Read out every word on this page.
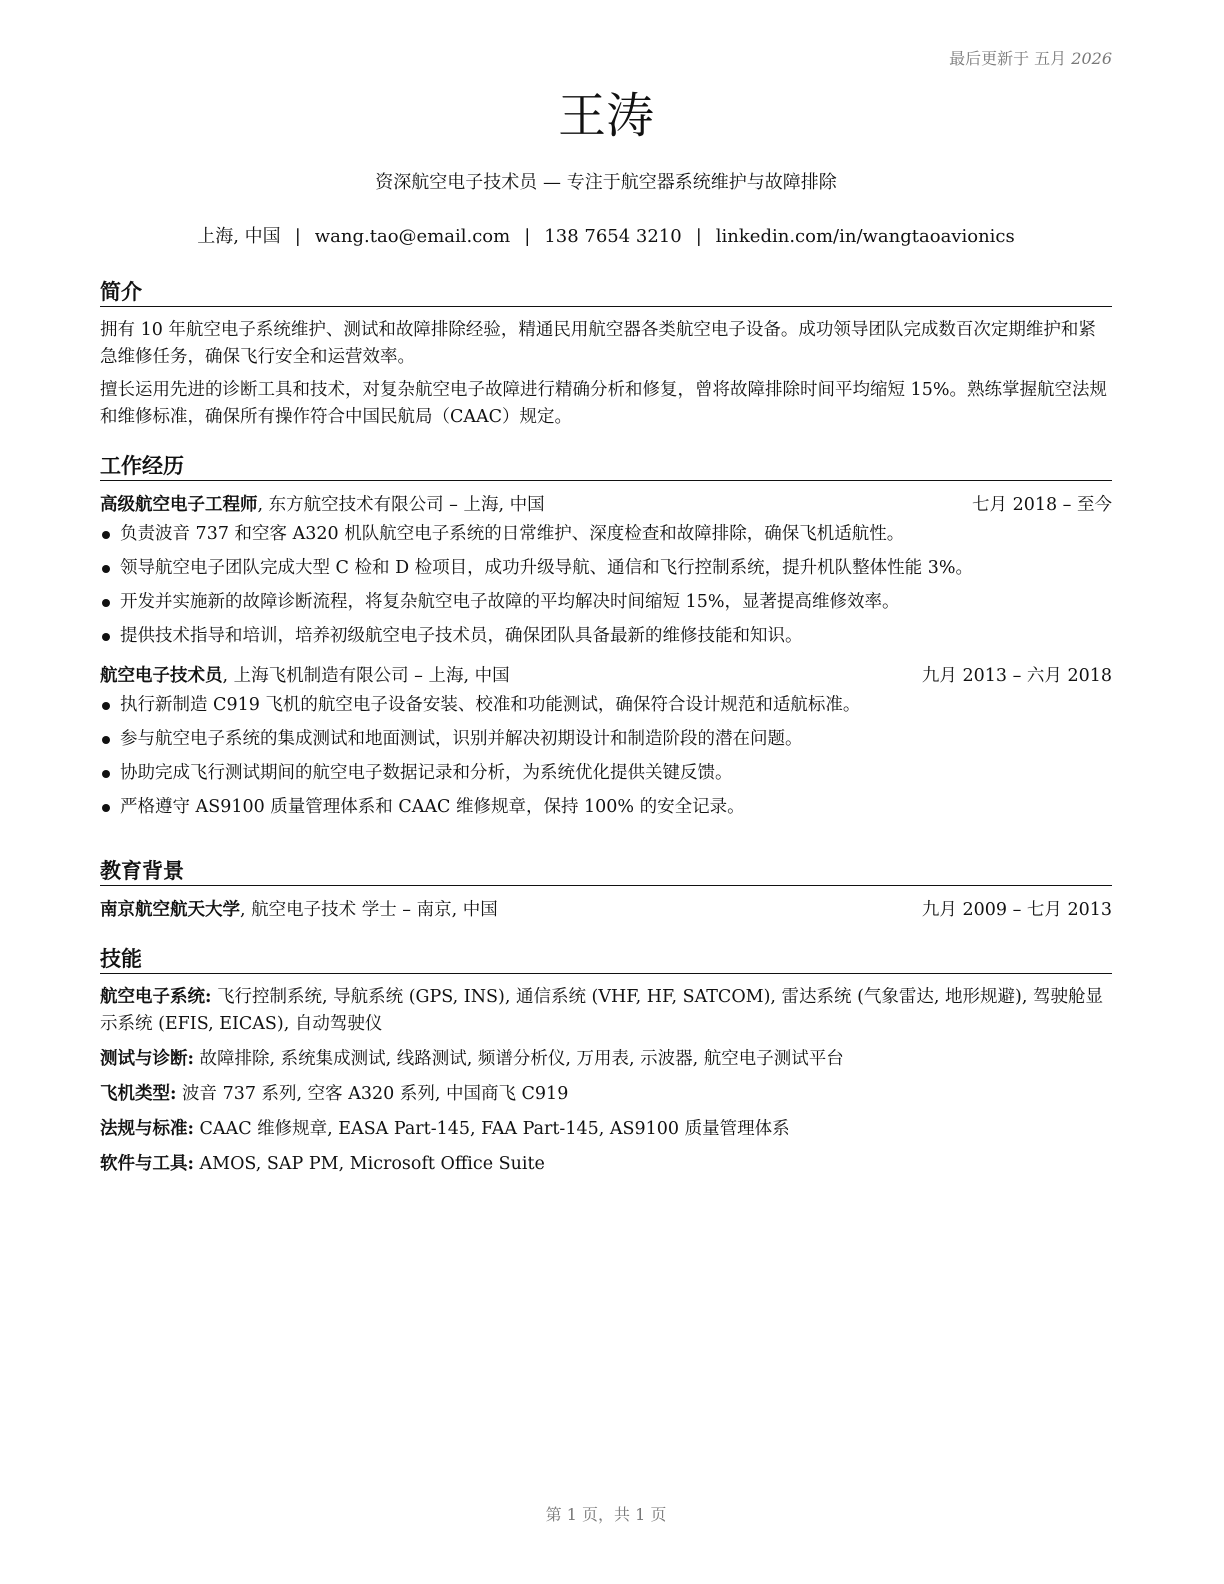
最后更新于 五月 2026
王涛
资深航空电子技术员 — 专注于航空器系统维护与故障排除
上海, 中国 | wang.tao@email.com | 138 7654 3210 | linkedin.com/in/wangtaoavionics
简介

拥有 10 年航空电子系统维护、测试和故障排除经验，精通民用航空器各类航空电子设备。成功领导团队完成数百次定期维护和紧急维修任务，确保飞行安全和运营效率。

擅长运用先进的诊断工具和技术，对复杂航空电子故障进行精确分析和修复，曾将故障排除时间平均缩短 15%。熟练掌握航空法规和维修标准，确保所有操作符合中国民航局（CAAC）规定。

工作经历
高级航空电子工程师, 东方航空技术有限公司 – 上海, 中国	七月 2018 – 至今
负责波音 737 和空客 A320 机队航空电子系统的日常维护、深度检查和故障排除，确保飞机适航性。
领导航空电子团队完成大型 C 检和 D 检项目，成功升级导航、通信和飞行控制系统，提升机队整体性能 3%。
开发并实施新的故障诊断流程，将复杂航空电子故障的平均解决时间缩短 15%，显著提高维修效率。
提供技术指导和培训，培养初级航空电子技术员，确保团队具备最新的维修技能和知识。
航空电子技术员, 上海飞机制造有限公司 – 上海, 中国	九月 2013 – 六月 2018
执行新制造 C919 飞机的航空电子设备安装、校准和功能测试，确保符合设计规范和适航标准。
参与航空电子系统的集成测试和地面测试，识别并解决初期设计和制造阶段的潜在问题。
协助完成飞行测试期间的航空电子数据记录和分析，为系统优化提供关键反馈。
严格遵守 AS9100 质量管理体系和 CAAC 维修规章，保持 100% 的安全记录。
教育背景
南京航空航天大学, 航空电子技术 学士 – 南京, 中国	九月 2009 – 七月 2013
技能

航空电子系统: 飞行控制系统, 导航系统 (GPS, INS), 通信系统 (VHF, HF, SATCOM), 雷达系统 (气象雷达, 地形规避), 驾驶舱显示系统 (EFIS, EICAS), 自动驾驶仪

测试与诊断: 故障排除, 系统集成测试, 线路测试, 频谱分析仪, 万用表, 示波器, 航空电子测试平台

飞机类型: 波音 737 系列, 空客 A320 系列, 中国商飞 C919

法规与标准: CAAC 维修规章, EASA Part-145, FAA Part-145, AS9100 质量管理体系

软件与工具: AMOS, SAP PM, Microsoft Office Suite

第 1 页，共 1 页
